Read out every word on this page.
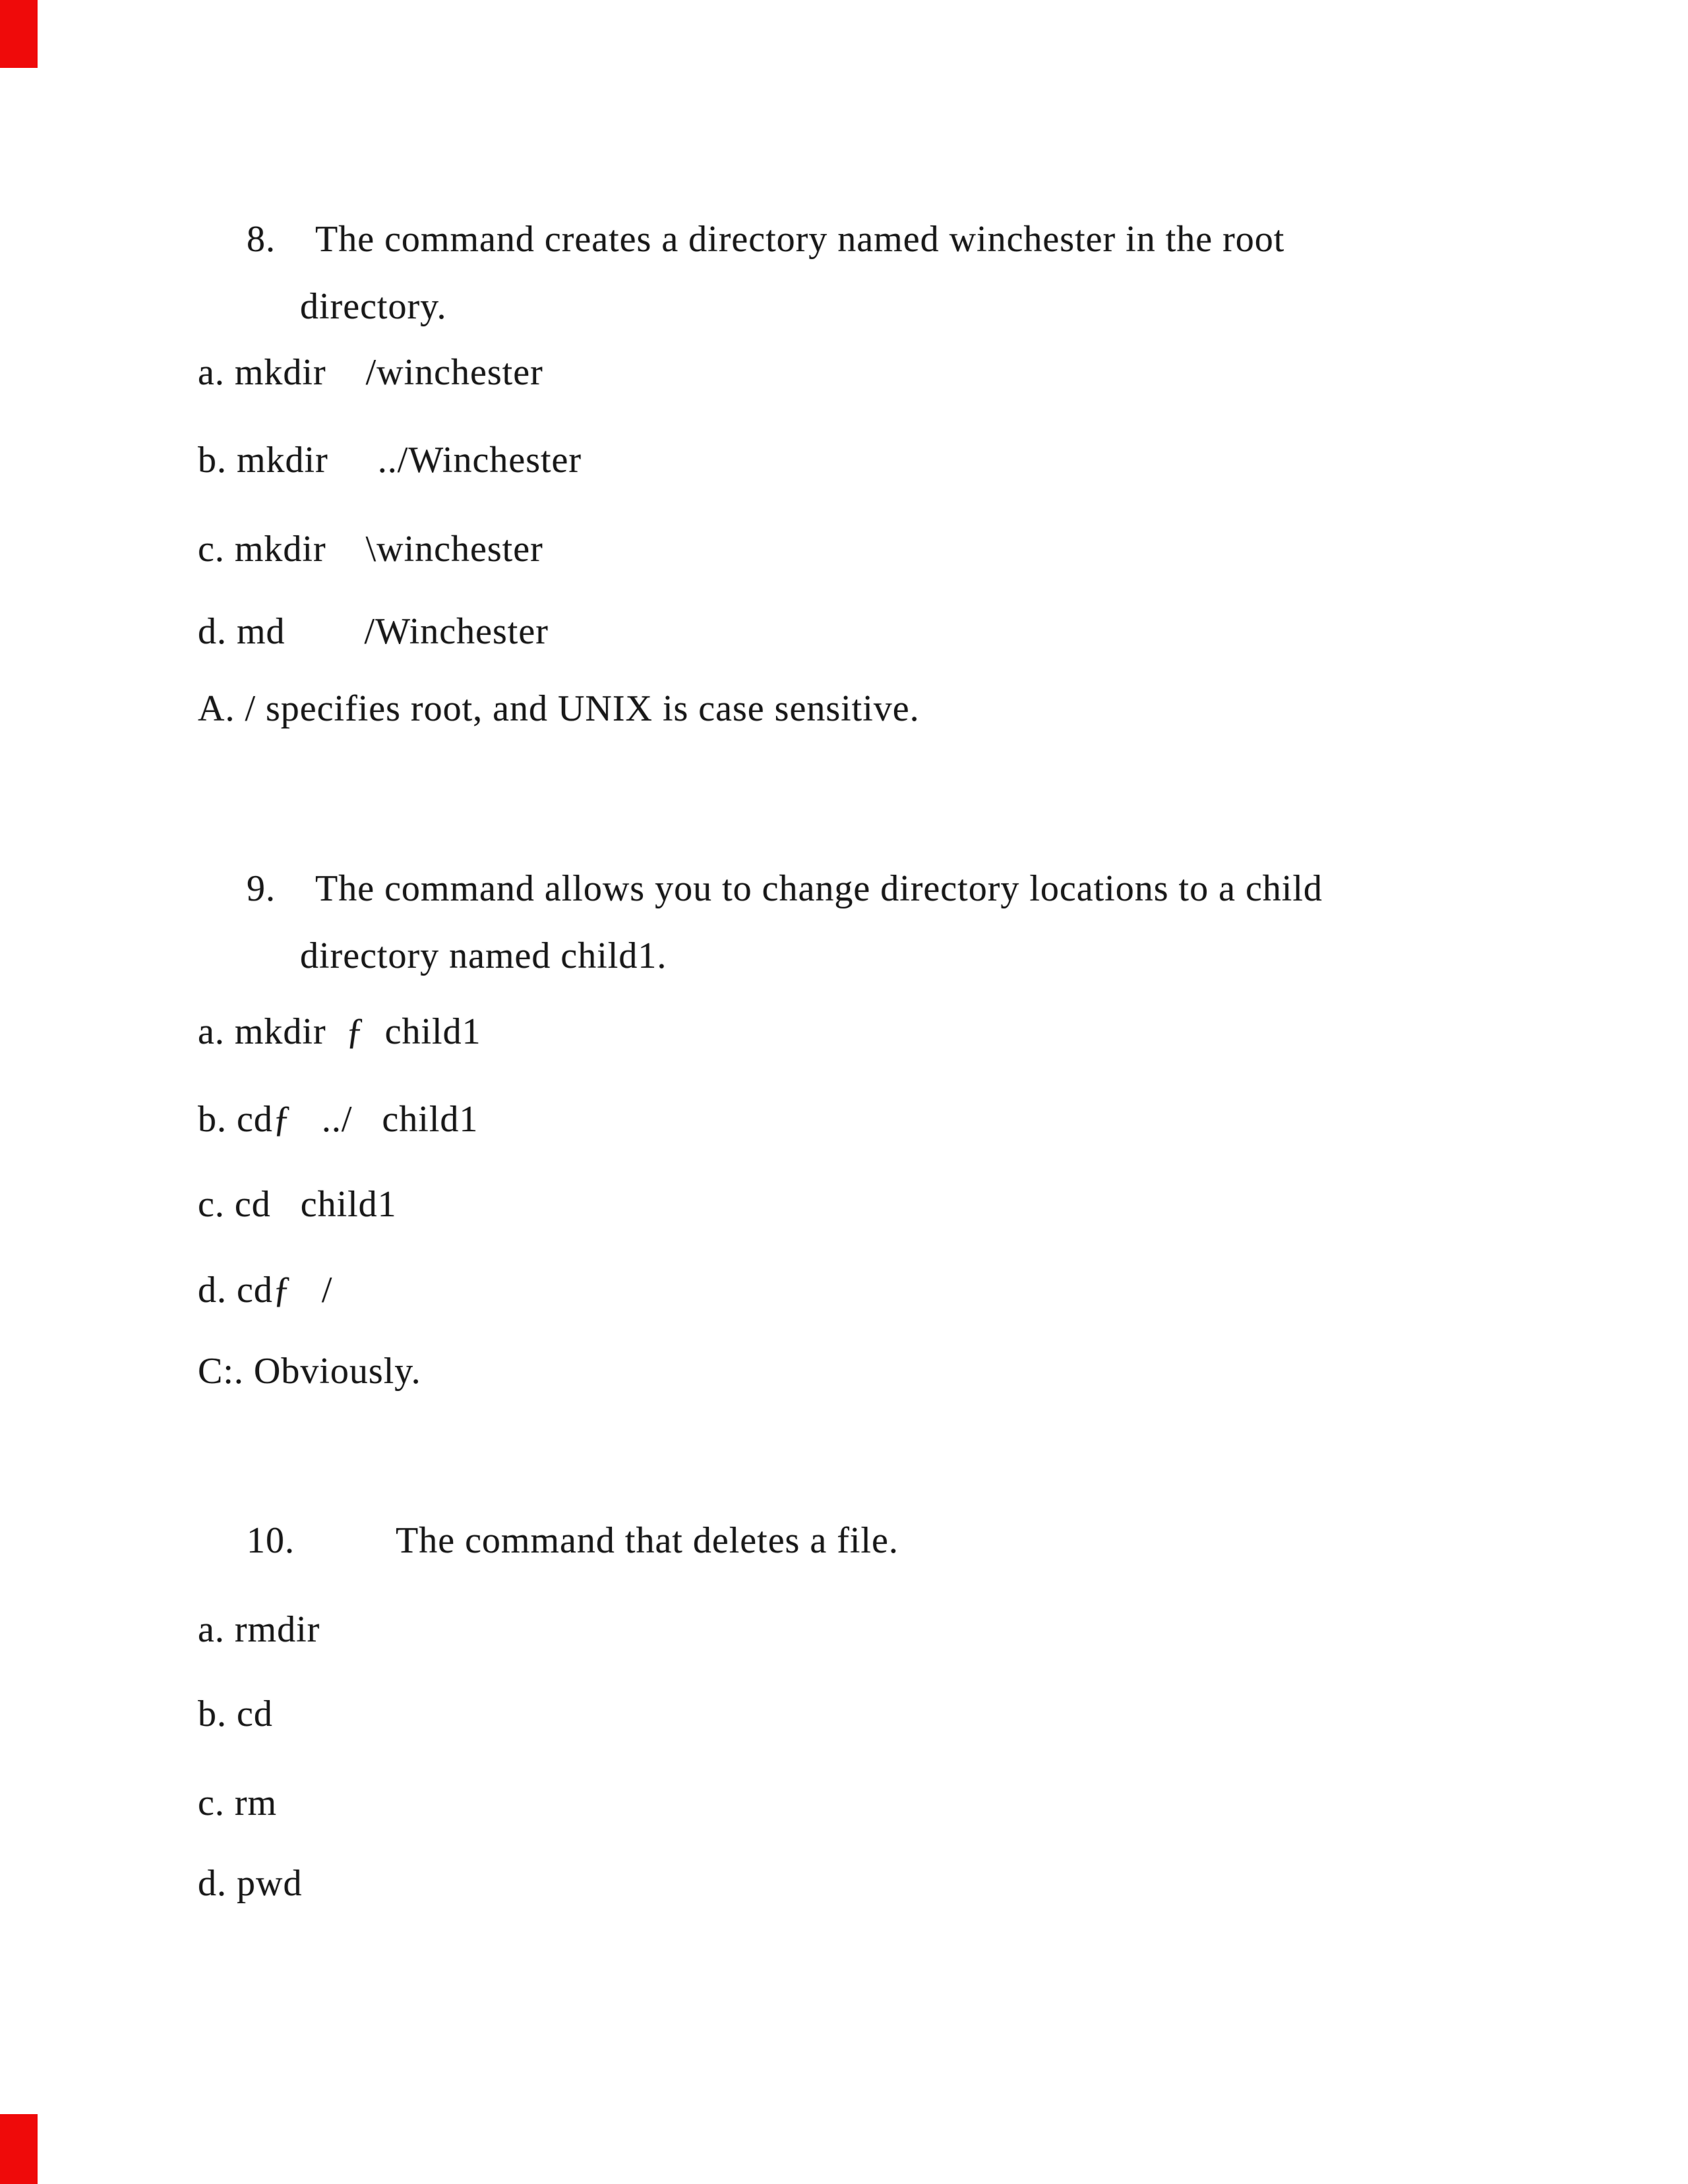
8. The command creates a directory named winchester in the root
directory.
a. mkdir    /winchester
b. mkdir     ../Winchester
c. mkdir    \winchester
d. md        /Winchester
A. / specifies root, and UNIX is case sensitive.
9. The command allows you to change directory locations to a child
directory named child1.
a. mkdir  ƒ  child1
b. cdƒ   ../   child1
c. cd   child1
d. cdƒ   /
C:. Obviously.
10.	The command that deletes a file.
a. rmdir
b. cd
c. rm
d. pwd
